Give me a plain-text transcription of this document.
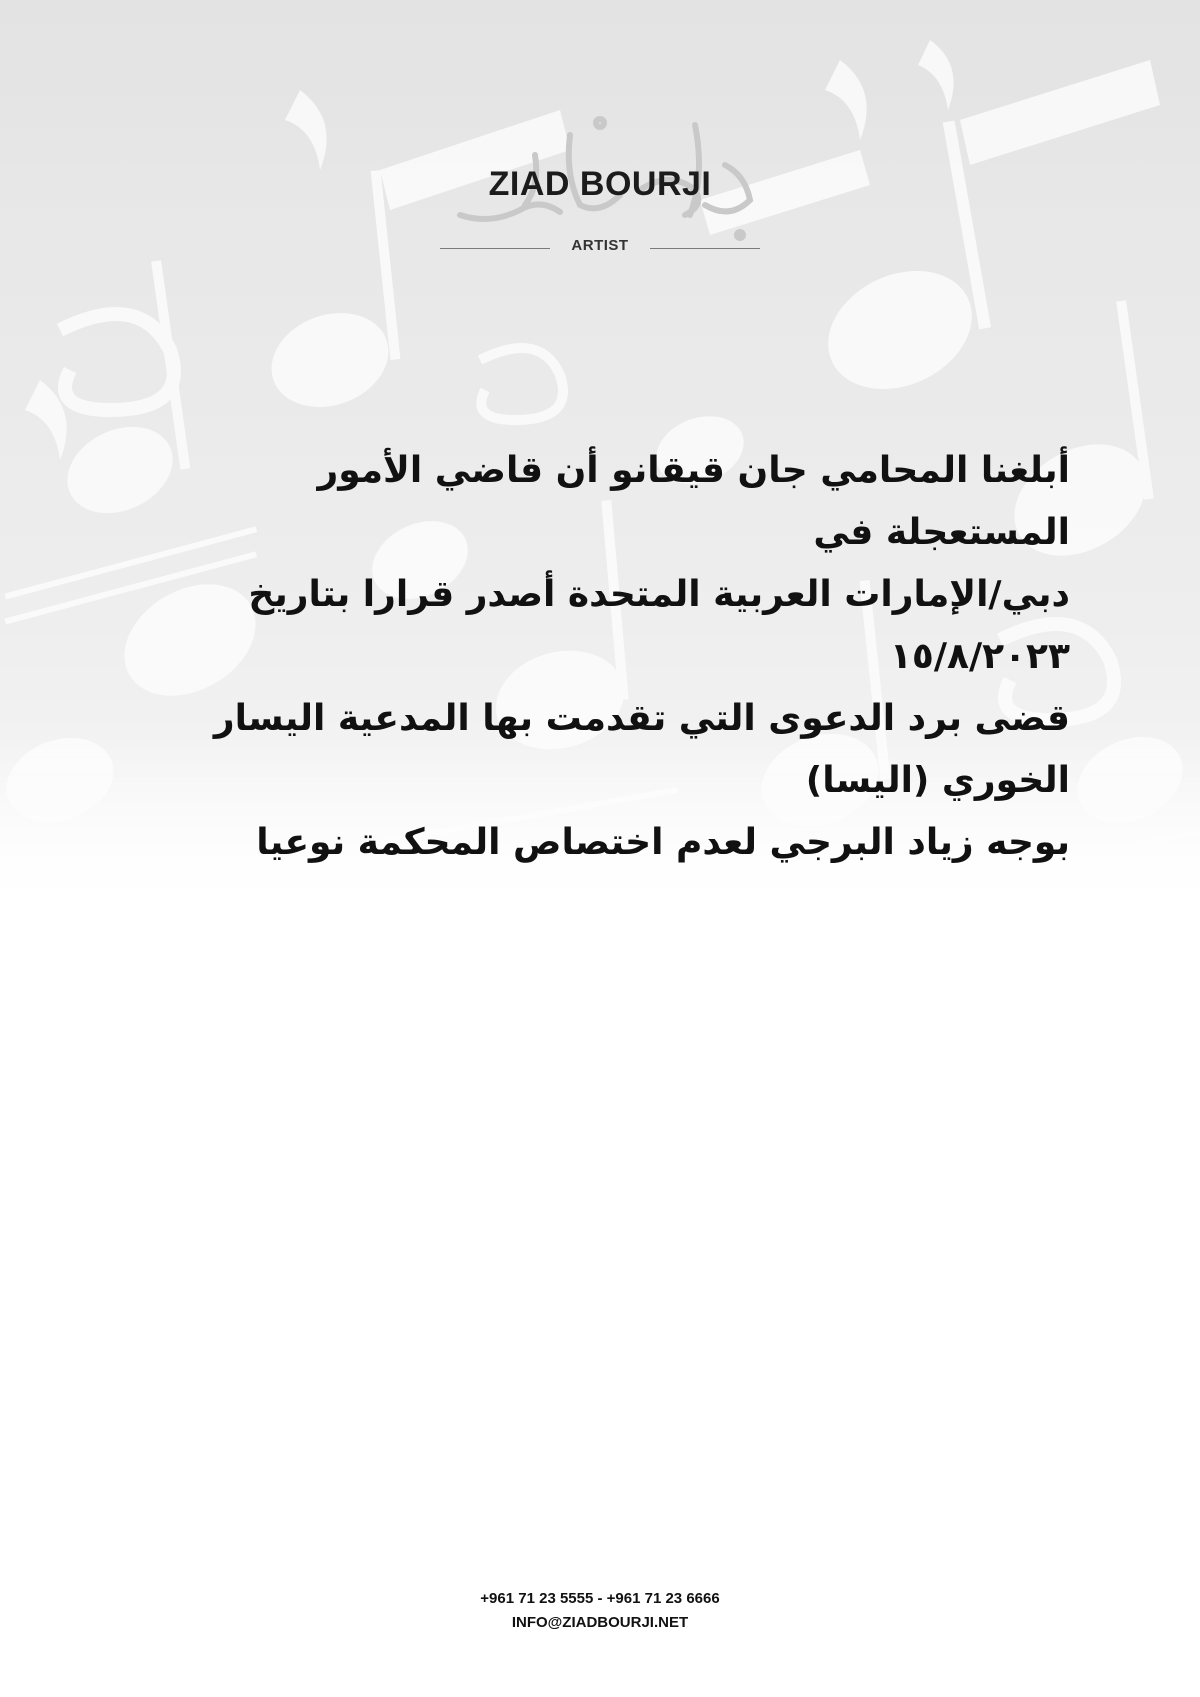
ZIAD BOURJI
ARTIST
أبلغنا المحامي جان قيقانو أن قاضي الأمور المستعجلة في
دبي/الإمارات العربية المتحدة أصدر قرارا بتاريخ ١٥/٨/٢٠٢٣
قضى برد الدعوى التي تقدمت بها المدعية اليسار الخوري (اليسا)
بوجه زياد البرجي لعدم اختصاص المحكمة نوعيا
+961 71 23 5555 - +961 71 23 6666
INFO@ZIADBOURJI.NET
